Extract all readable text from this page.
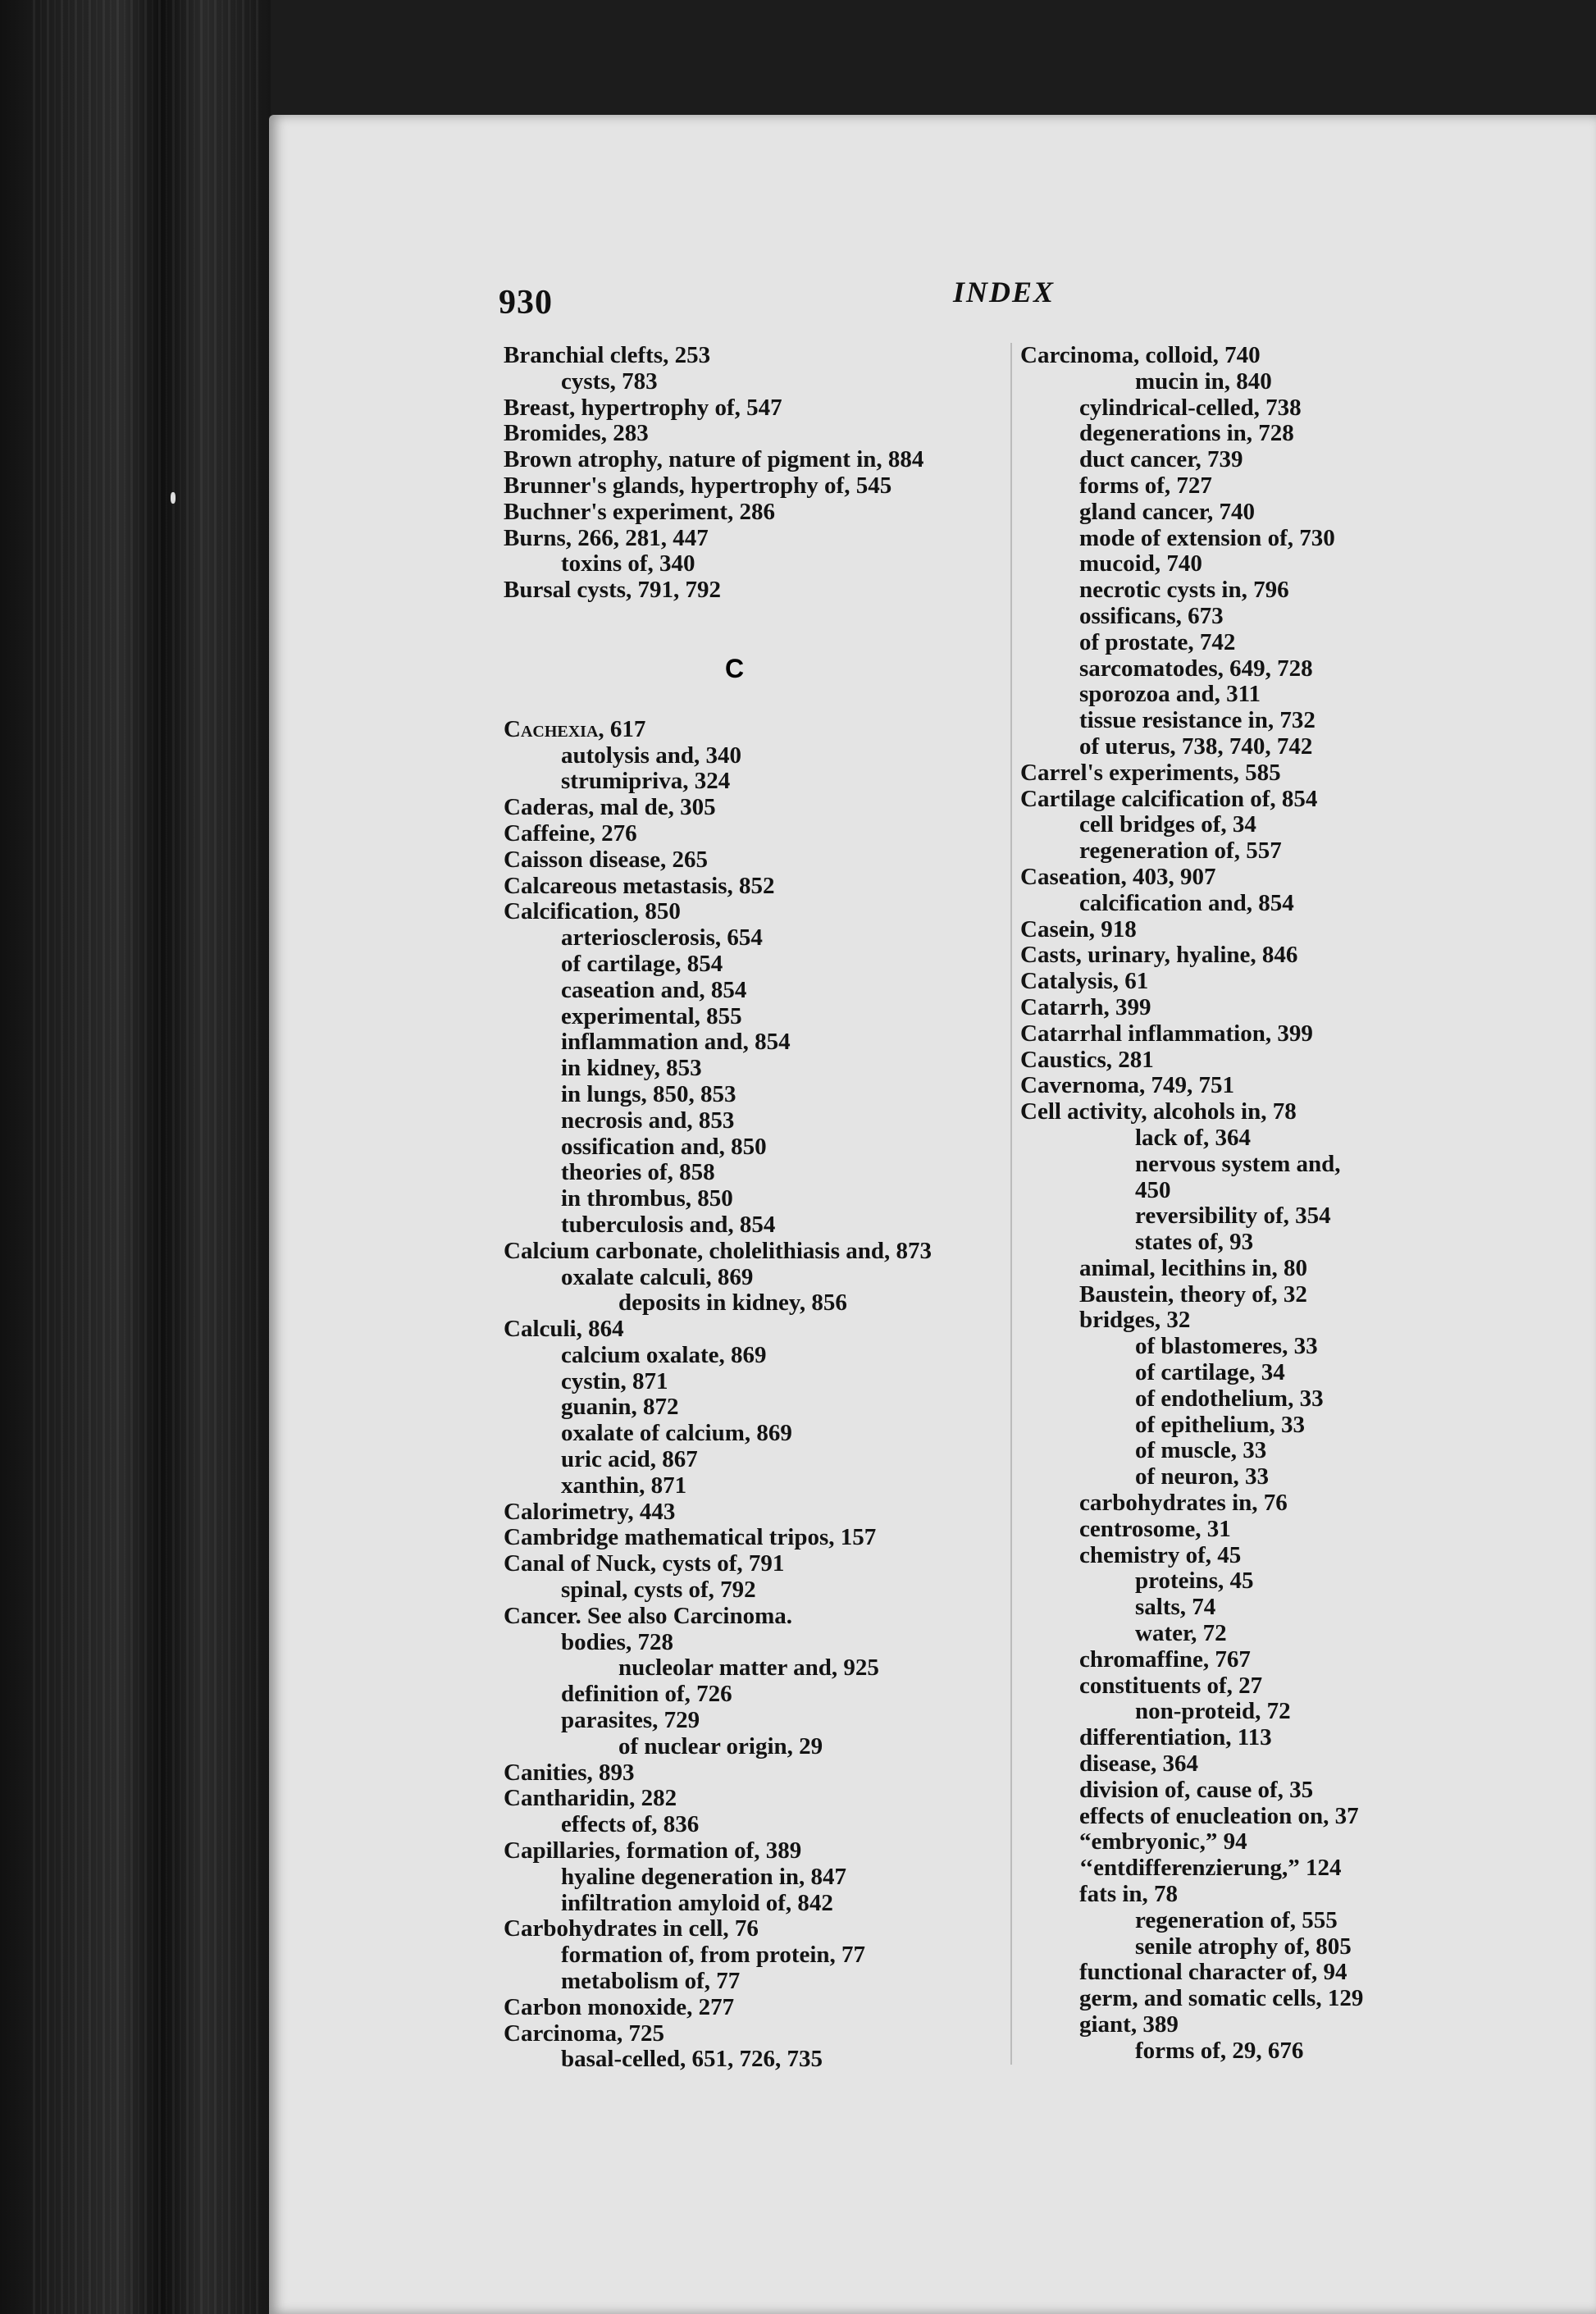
930	INDEX
Branchial clefts, 253
cysts, 783
Breast, hypertrophy of, 547
Bromides, 283
Brown atrophy, nature of pigment in, 884
Brunner's glands, hypertrophy of, 545
Buchner's experiment, 286
Burns, 266, 281, 447
toxins of, 340
Bursal cysts, 791, 792
C
Cachexia, 617
autolysis and, 340
strumipriva, 324
Caderas, mal de, 305
Caffeine, 276
Caisson disease, 265
Calcareous metastasis, 852
Calcification, 850
arteriosclerosis, 654
of cartilage, 854
caseation and, 854
experimental, 855
inflammation and, 854
in kidney, 853
in lungs, 850, 853
necrosis and, 853
ossification and, 850
theories of, 858
in thrombus, 850
tuberculosis and, 854
Calcium carbonate, cholelithiasis and, 873
oxalate calculi, 869
deposits in kidney, 856
Calculi, 864
calcium oxalate, 869
cystin, 871
guanin, 872
oxalate of calcium, 869
uric acid, 867
xanthin, 871
Calorimetry, 443
Cambridge mathematical tripos, 157
Canal of Nuck, cysts of, 791
spinal, cysts of, 792
Cancer. See also Carcinoma.
bodies, 728
nucleolar matter and, 925
definition of, 726
parasites, 729
of nuclear origin, 29
Canities, 893
Cantharidin, 282
effects of, 836
Capillaries, formation of, 389
hyaline degeneration in, 847
infiltration amyloid of, 842
Carbohydrates in cell, 76
formation of, from protein, 77
metabolism of, 77
Carbon monoxide, 277
Carcinoma, 725
basal-celled, 651, 726, 735
Carcinoma, colloid, 740
mucin in, 840
cylindrical-celled, 738
degenerations in, 728
duct cancer, 739
forms of, 727
gland cancer, 740
mode of extension of, 730
mucoid, 740
necrotic cysts in, 796
ossificans, 673
of prostate, 742
sarcomatodes, 649, 728
sporozoa and, 311
tissue resistance in, 732
of uterus, 738, 740, 742
Carrel's experiments, 585
Cartilage calcification of, 854
cell bridges of, 34
regeneration of, 557
Caseation, 403, 907
calcification and, 854
Casein, 918
Casts, urinary, hyaline, 846
Catalysis, 61
Catarrh, 399
Catarrhal inflammation, 399
Caustics, 281
Cavernoma, 749, 751
Cell activity, alcohols in, 78
lack of, 364
nervous system and,
450
reversibility of, 354
states of, 93
animal, lecithins in, 80
Baustein, theory of, 32
bridges, 32
of blastomeres, 33
of cartilage, 34
of endothelium, 33
of epithelium, 33
of muscle, 33
of neuron, 33
carbohydrates in, 76
centrosome, 31
chemistry of, 45
proteins, 45
salts, 74
water, 72
chromaffine, 767
constituents of, 27
non-proteid, 72
differentiation, 113
disease, 364
division of, cause of, 35
effects of enucleation on, 37
“embryonic,” 94
‘‘entdifferenzierung,” 124
fats in, 78
regeneration of, 555
senile atrophy of, 805
functional character of, 94
germ, and somatic cells, 129
giant, 389
forms of, 29, 676
